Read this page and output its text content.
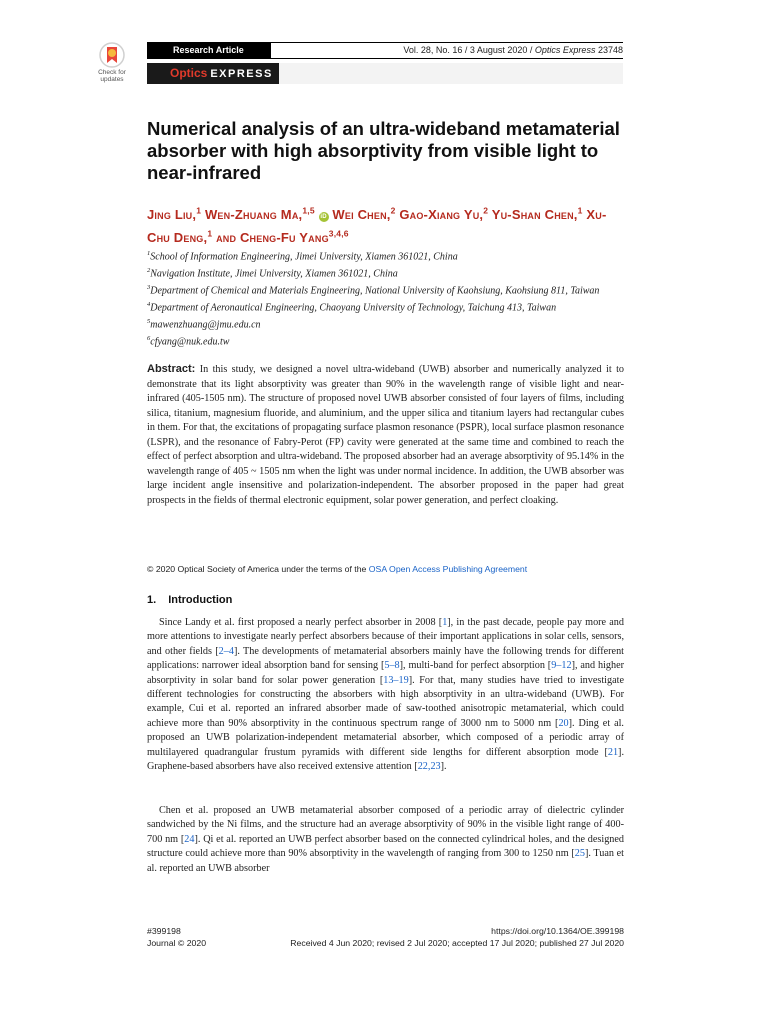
Check for
updates
Research Article	Vol. 28, No. 16 / 3 August 2020 / Optics Express 23748
Optics EXPRESS
Numerical analysis of an ultra-wideband metamaterial absorber with high absorptivity from visible light to near-infrared
Jing Liu,$^1$ Wen-Zhuang Ma,$^{1,5}$ iD Wei Chen,$^2$ Gao-Xiang Yu,$^2$ Yu-Shan Chen,$^1$ Xu-Chu Deng,$^1$ and Cheng-Fu Yang$^{3,4,6}$
$^1$School of Information Engineering, Jimei University, Xiamen 361021, China
$^2$Navigation Institute, Jimei University, Xiamen 361021, China
$^3$Department of Chemical and Materials Engineering, National University of Kaohsiung, Kaohsiung 811, Taiwan
$^4$Department of Aeronautical Engineering, Chaoyang University of Technology, Taichung 413, Taiwan
$^5$mawenzhuang@jmu.edu.cn
$^6$cfyang@nuk.edu.tw
Abstract: In this study, we designed a novel ultra-wideband (UWB) absorber and numerically analyzed it to demonstrate that its light absorptivity was greater than 90% in the wavelength range of visible light and near-infrared (405-1505 nm). The structure of proposed novel UWB absorber consisted of four layers of films, including silica, titanium, magnesium fluoride, and aluminium, and the upper silica and titanium layers had rectangular cubes in them. For that, the excitations of propagating surface plasmon resonance (PSPR), local surface plasmon resonance (LSPR), and the resonance of Fabry-Perot (FP) cavity were generated at the same time and combined to reach the effect of perfect absorption and ultra-wideband. The proposed absorber had an average absorptivity of 95.14% in the wavelength range of 405 ~ 1505 nm when the light was under normal incidence. In addition, the UWB absorber was large incident angle insensitive and polarization-independent. The absorber proposed in the paper had great prospects in the fields of thermal electronic equipment, solar power generation, and perfect cloaking.
© 2020 Optical Society of America under the terms of the OSA Open Access Publishing Agreement
1. Introduction

Since Landy et al. first proposed a nearly perfect absorber in 2008 [1], in the past decade, people pay more and more attentions to investigate nearly perfect absorbers because of their important applications in solar cells, sensors, and other fields [2–4]. The developments of metamaterial absorbers mainly have the following trends for different applications: narrower ideal absorption band for sensing [5–8], multi-band for perfect absorption [9–12], and higher absorptivity in solar band for solar power generation [13–19]. For that, many studies have tried to investigate different technologies for constructing the absorbers with high absorptivity in an ultra-wideband (UWB). For example, Cui et al. reported an infrared absorber made of saw-toothed anisotropic metamaterial, which could achieve more than 90% absorptivity in the continuous spectrum range of 3000 nm to 5000 nm [20]. Ding et al. proposed an UWB polarization-independent metamaterial absorber, which composed of a periodic array of multilayered quadrangular frustum pyramids with different side lengths for different absorption mode [21]. Graphene-based absorbers have also received extensive attention [22,23].

Chen et al. proposed an UWB metamaterial absorber composed of a periodic array of dielectric cylinder sandwiched by the Ni films, and the structure had an average absorptivity of 90% in the visible light range of 400-700 nm [24]. Qi et al. reported an UWB perfect absorber based on the connected cylindrical holes, and the designed structure could achieve more than 90% absorptivity in the wavelength of ranging from 300 to 1250 nm [25]. Tuan et al. reported an UWB absorber

#399198
Journal © 2020
https://doi.org/10.1364/OE.399198
Received 4 Jun 2020; revised 2 Jul 2020; accepted 17 Jul 2020; published 27 Jul 2020
